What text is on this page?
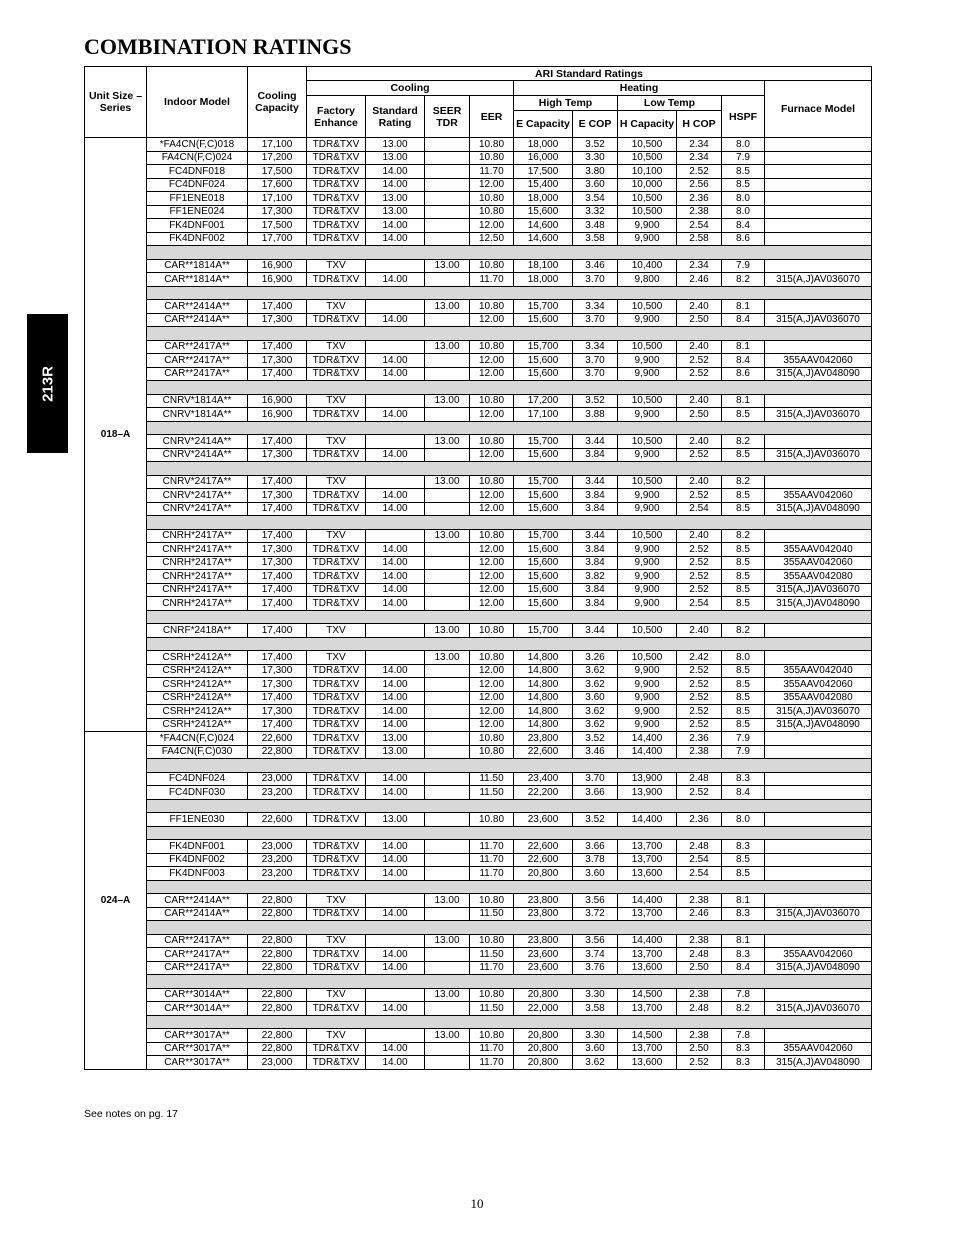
COMBINATION RATINGS
213R
Unit Size – Series	Indoor Model	Cooling Capacity	ARI Standard Ratings									
			Cooling				Heating					Furnace Model
			Factory Enhance	Standard Rating	SEER TDR	EER	High Temp		Low Temp		HSPF	
							E Capacity	E COP	H Capacity	H COP		
018–A	*FA4CN(F,C)018	17,100	TDR&TXV	13.00		10.80	18,000	3.52	10,500	2.34	8.0	
	FA4CN(F,C)024	17,200	TDR&TXV	13.00		10.80	16,000	3.30	10,500	2.34	7.9	
	FC4DNF018	17,500	TDR&TXV	14.00		11.70	17,500	3.80	10,100	2.52	8.5	
	FC4DNF024	17,600	TDR&TXV	14.00		12.00	15,400	3.60	10,000	2.56	8.5	
	FF1ENE018	17,100	TDR&TXV	13.00		10.80	18,000	3.54	10,500	2.36	8.0	
	FF1ENE024	17,300	TDR&TXV	13.00		10.80	15,600	3.32	10,500	2.38	8.0	
	FK4DNF001	17,500	TDR&TXV	14.00		12.00	14,600	3.48	9,900	2.54	8.4	
	FK4DNF002	17,700	TDR&TXV	14.00		12.50	14,600	3.58	9,900	2.58	8.6	

	CAR**1814A**	16,900	TXV		13.00	10.80	18,100	3.46	10,400	2.34	7.9	
	CAR**1814A**	16,900	TDR&TXV	14.00		11.70	18,000	3.70	9,800	2.46	8.2	315(A,J)AV036070

	CAR**2414A**	17,400	TXV		13.00	10.80	15,700	3.34	10,500	2.40	8.1	
	CAR**2414A**	17,300	TDR&TXV	14.00		12.00	15,600	3.70	9,900	2.50	8.4	315(A,J)AV036070

	CAR**2417A**	17,400	TXV		13.00	10.80	15,700	3.34	10,500	2.40	8.1	
	CAR**2417A**	17,300	TDR&TXV	14.00		12.00	15,600	3.70	9,900	2.52	8.4	355AAV042060
	CAR**2417A**	17,400	TDR&TXV	14.00		12.00	15,600	3.70	9,900	2.52	8.6	315(A,J)AV048090

	CNRV*1814A**	16,900	TXV		13.00	10.80	17,200	3.52	10,500	2.40	8.1	
	CNRV*1814A**	16,900	TDR&TXV	14.00		12.00	17,100	3.88	9,900	2.50	8.5	315(A,J)AV036070

	CNRV*2414A**	17,400	TXV		13.00	10.80	15,700	3.44	10,500	2.40	8.2	
	CNRV*2414A**	17,300	TDR&TXV	14.00		12.00	15,600	3.84	9,900	2.52	8.5	315(A,J)AV036070

	CNRV*2417A**	17,400	TXV		13.00	10.80	15,700	3.44	10,500	2.40	8.2	
	CNRV*2417A**	17,300	TDR&TXV	14.00		12.00	15,600	3.84	9,900	2.52	8.5	355AAV042060
	CNRV*2417A**	17,400	TDR&TXV	14.00		12.00	15,600	3.84	9,900	2.54	8.5	315(A,J)AV048090

	CNRH*2417A**	17,400	TXV		13.00	10.80	15,700	3.44	10,500	2.40	8.2	
	CNRH*2417A**	17,300	TDR&TXV	14.00		12.00	15,600	3.84	9,900	2.52	8.5	355AAV042040
	CNRH*2417A**	17,300	TDR&TXV	14.00		12.00	15,600	3.84	9,900	2.52	8.5	355AAV042060
	CNRH*2417A**	17,400	TDR&TXV	14.00		12.00	15,600	3.82	9,900	2.52	8.5	355AAV042080
	CNRH*2417A**	17,400	TDR&TXV	14.00		12.00	15,600	3.84	9,900	2.52	8.5	315(A,J)AV036070
	CNRH*2417A**	17,400	TDR&TXV	14.00		12.00	15,600	3.84	9,900	2.54	8.5	315(A,J)AV048090

	CNRF*2418A**	17,400	TXV		13.00	10.80	15,700	3.44	10,500	2.40	8.2	

	CSRH*2412A**	17,400	TXV		13.00	10.80	14,800	3.26	10,500	2.42	8.0	
	CSRH*2412A**	17,300	TDR&TXV	14.00		12.00	14,800	3.62	9,900	2.52	8.5	355AAV042040
	CSRH*2412A**	17,300	TDR&TXV	14.00		12.00	14,800	3.62	9,900	2.52	8.5	355AAV042060
	CSRH*2412A**	17,400	TDR&TXV	14.00		12.00	14,800	3.60	9,900	2.52	8.5	355AAV042080
	CSRH*2412A**	17,300	TDR&TXV	14.00		12.00	14,800	3.62	9,900	2.52	8.5	315(A,J)AV036070
	CSRH*2412A**	17,400	TDR&TXV	14.00		12.00	14,800	3.62	9,900	2.52	8.5	315(A,J)AV048090
024–A	*FA4CN(F,C)024	22,600	TDR&TXV	13.00		10.80	23,800	3.52	14,400	2.36	7.9	
	FA4CN(F,C)030	22,800	TDR&TXV	13.00		10.80	22,600	3.46	14,400	2.38	7.9	

	FC4DNF024	23,000	TDR&TXV	14.00		11.50	23,400	3.70	13,900	2.48	8.3	
	FC4DNF030	23,200	TDR&TXV	14.00		11.50	22,200	3.66	13,900	2.52	8.4	

	FF1ENE030	22,600	TDR&TXV	13.00		10.80	23,600	3.52	14,400	2.36	8.0	

	FK4DNF001	23,000	TDR&TXV	14.00		11.70	22,600	3.66	13,700	2.48	8.3	
	FK4DNF002	23,200	TDR&TXV	14.00		11.70	22,600	3.78	13,700	2.54	8.5	
	FK4DNF003	23,200	TDR&TXV	14.00		11.70	20,800	3.60	13,600	2.54	8.5	

	CAR**2414A**	22,800	TXV		13.00	10.80	23,800	3.56	14,400	2.38	8.1	
	CAR**2414A**	22,800	TDR&TXV	14.00		11.50	23,800	3.72	13,700	2.46	8.3	315(A,J)AV036070

	CAR**2417A**	22,800	TXV		13.00	10.80	23,800	3.56	14,400	2.38	8.1	
	CAR**2417A**	22,800	TDR&TXV	14.00		11.50	23,600	3.74	13,700	2.48	8.3	355AAV042060
	CAR**2417A**	22,800	TDR&TXV	14.00		11.70	23,600	3.76	13,600	2.50	8.4	315(A,J)AV048090

	CAR**3014A**	22,800	TXV		13.00	10.80	20,800	3.30	14,500	2.38	7.8	
	CAR**3014A**	22,800	TDR&TXV	14.00		11.50	22,000	3.58	13,700	2.48	8.2	315(A,J)AV036070

	CAR**3017A**	22,800	TXV		13.00	10.80	20,800	3.30	14,500	2.38	7.8	
	CAR**3017A**	22,800	TDR&TXV	14.00		11.70	20,800	3.60	13,700	2.50	8.3	355AAV042060
	CAR**3017A**	23,000	TDR&TXV	14.00		11.70	20,800	3.62	13,600	2.52	8.3	315(A,J)AV048090
See notes on pg. 17
10
